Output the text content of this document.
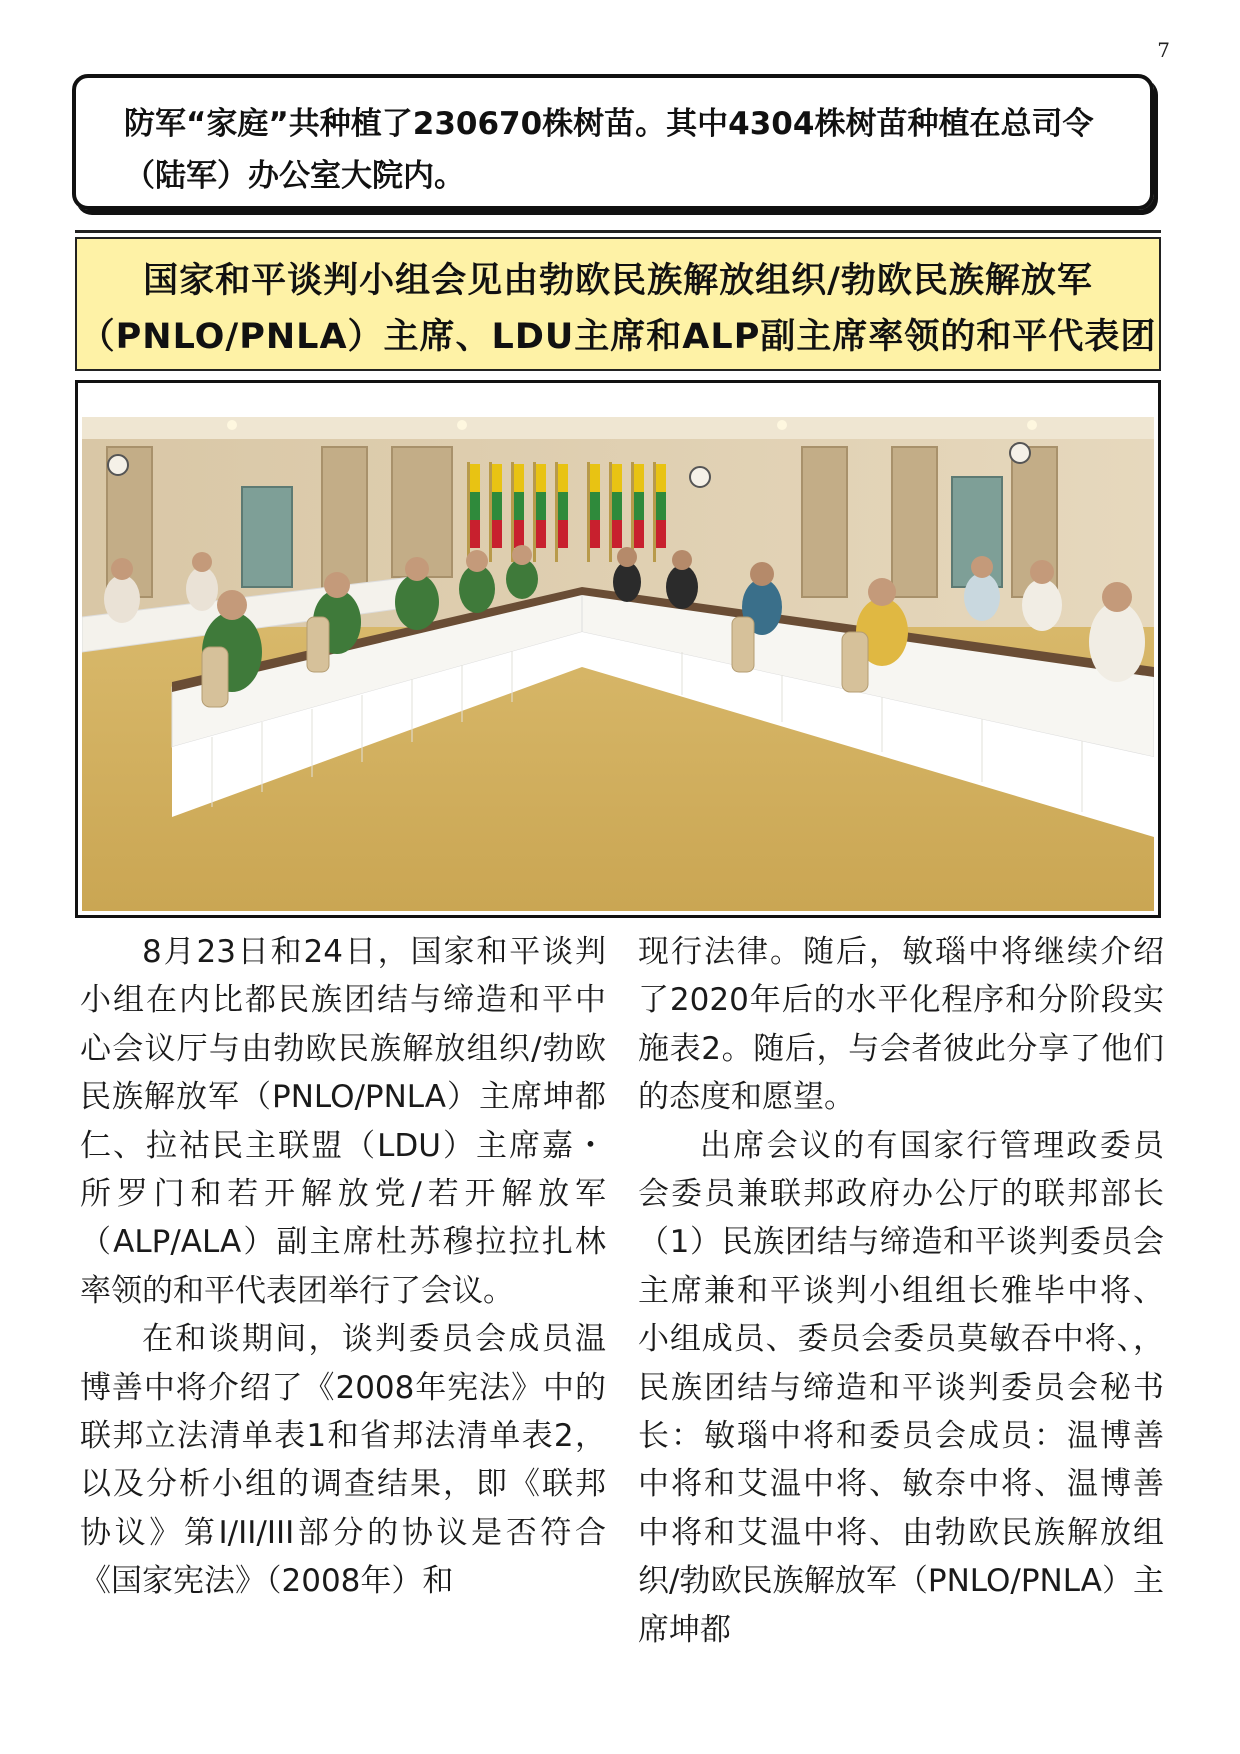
7
防军“家庭”共种植了230670株树苗。其中4304株树苗种植在总司令（陆军）办公室大院内。
国家和平谈判小组会见由勃欧民族解放组织/勃欧民族解放军
（PNLO/PNLA）主席、LDU主席和ALP副主席率领的和平代表团

8月23日和24日，国家和平谈判小组在内比都民族团结与缔造和平中心会议厅与由勃欧民族解放组织/勃欧民族解放军（PNLO/PNLA）主席坤都仁、拉祜民主联盟（LDU）主席嘉・所罗门和若开解放党/若开解放军（ALP/ALA）副主席杜苏穆拉拉扎林率领的和平代表团举行了会议。

在和谈期间，谈判委员会成员温博善中将介绍了《2008年宪法》中的联邦立法清单表1和省邦法清单表2，以及分析小组的调查结果，即《联邦协议》第I/II/III部分的协议是否符合《国家宪法》（2008年）和

现行法律。随后，敏瑙中将继续介绍了2020年后的水平化程序和分阶段实施表2。随后，与会者彼此分享了他们的态度和愿望。

出席会议的有国家行管理政委员会委员兼联邦政府办公厅的联邦部长（1）民族团结与缔造和平谈判委员会主席兼和平谈判小组组长雅毕中将、小组成员、委员会委员莫敏吞中将、，民族团结与缔造和平谈判委员会秘书长：敏瑙中将和委员会成员：温博善中将和艾温中将、敏奈中将、温博善中将和艾温中将、由勃欧民族解放组织/勃欧民族解放军（PNLO/PNLA）主席坤都
